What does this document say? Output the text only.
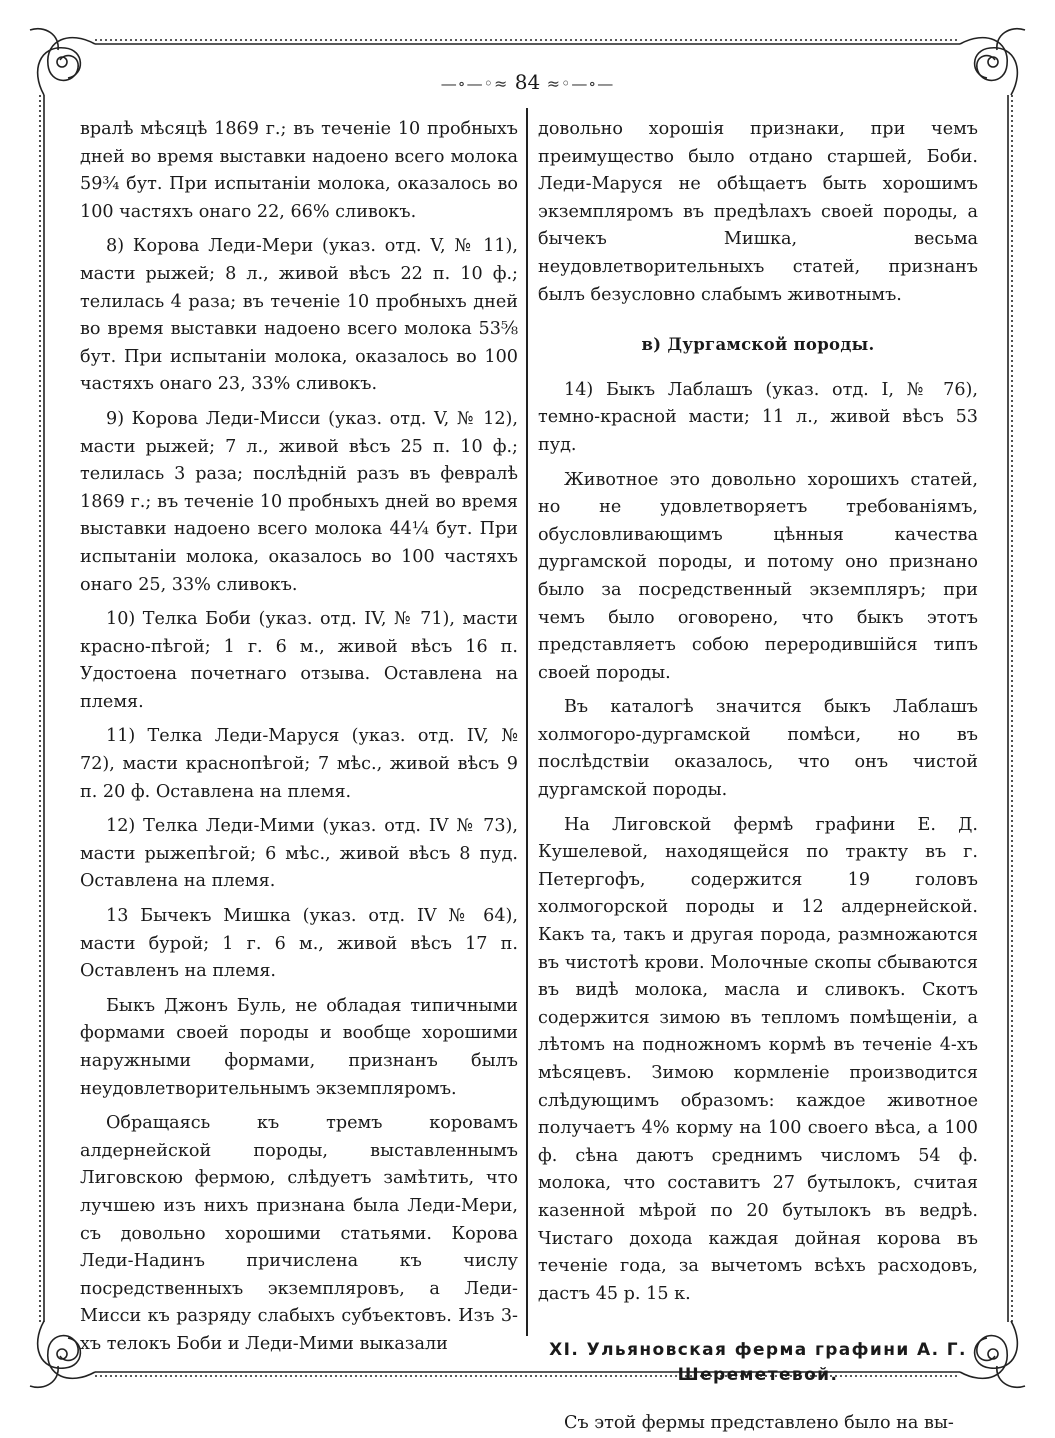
—∘—◦≈ 84 ≈◦—∘—

вралѣ мѣсяцѣ 1869 г.; въ теченіе 10 пробныхъ дней во время выставки надоено всего молока 59¾ бут. При испытаніи молока, оказалось во 100 частяхъ онаго 22, 66% сливокъ.

8) Корова Леди-Мери (указ. отд. V, № 11), масти рыжей; 8 л., живой вѣсъ 22 п. 10 ф.; телилась 4 раза; въ теченіе 10 пробныхъ дней во время выставки надоено всего молока 53⅝ бут. При испытаніи молока, оказалось во 100 частяхъ онаго 23, 33% сливокъ.

9) Корова Леди-Мисси (указ. отд. V, № 12), масти рыжей; 7 л., живой вѣсъ 25 п. 10 ф.; телилась 3 раза; послѣдній разъ въ февралѣ 1869 г.; въ теченіе 10 пробныхъ дней во время выставки надоено всего молока 44¼ бут. При испытаніи молока, оказалось во 100 частяхъ онаго 25, 33% сливокъ.

10) Телка Боби (указ. отд. IV, № 71), масти красно-пѣгой; 1 г. 6 м., живой вѣсъ 16 п. Удостоена почетнаго отзыва. Оставлена на племя.

11) Телка Леди-Маруся (указ. отд. IV, № 72), масти краснопѣгой; 7 мѣс., живой вѣсъ 9 п. 20 ф. Оставлена на племя.

12) Телка Леди-Мими (указ. отд. IV № 73), масти рыжепѣгой; 6 мѣс., живой вѣсъ 8 пуд. Оставлена на племя.

13 Бычекъ Мишка (указ. отд. IV № 64), масти бурой; 1 г. 6 м., живой вѣсъ 17 п. Оставленъ на племя.

Быкъ Джонъ Буль, не обладая типичными формами своей породы и вообще хорошими наружными формами, признанъ былъ неудовлетворительнымъ экземпляромъ.

Обращаясь къ тремъ коровамъ алдернейской породы, выставленнымъ Лиговскою фермою, слѣдуетъ замѣтить, что лучшею изъ нихъ признана была Леди-Мери, съ довольно хорошими статьями. Корова Леди-Надинъ причислена къ числу посредственныхъ экземпляровъ, а Леди-Мисси къ разряду слабыхъ субъектовъ. Изъ 3-хъ телокъ Боби и Леди-Мими выказали

довольно хорошія признаки, при чемъ преимущество было отдано старшей, Боби. Леди-Маруся не обѣщаетъ быть хорошимъ экземпляромъ въ предѣлахъ своей породы, а бычекъ Мишка, весьма неудовлетворительныхъ статей, признанъ былъ безусловно слабымъ животнымъ.

в) Дургамской породы.

14) Быкъ Лаблашъ (указ. отд. I, № 76), темно-красной масти; 11 л., живой вѣсъ 53 пуд.

Животное это довольно хорошихъ статей, но не удовлетворяетъ требованіямъ, обусловливающимъ цѣнныя качества дургамской породы, и потому оно признано было за посредственный экземпляръ; при чемъ было оговорено, что быкъ этотъ представляетъ собою переродившійся типъ своей породы.

Въ каталогѣ значится быкъ Лаблашъ холмогоро-дургамской помѣси, но въ послѣдствіи оказалось, что онъ чистой дургамской породы.

На Лиговской фермѣ графини Е. Д. Кушелевой, находящейся по тракту въ г. Петергофъ, содержится 19 головъ холмогорской породы и 12 алдернейской. Какъ та, такъ и другая порода, размножаются въ чистотѣ крови. Молочные скопы сбываются въ видѣ молока, масла и сливокъ. Скотъ содержится зимою въ тепломъ помѣщеніи, а лѣтомъ на подножномъ кормѣ въ теченіе 4-хъ мѣсяцевъ. Зимою кормленіе производится слѣдующимъ образомъ: каждое животное получаетъ 4% корму на 100 своего вѣса, а 100 ф. сѣна даютъ среднимъ числомъ 54 ф. молока, что составитъ 27 бутылокъ, считая казенной мѣрой по 20 бутылокъ въ ведрѣ. Чистаго дохода каждая дойная корова въ теченіе года, за вычетомъ всѣхъ расходовъ, дастъ 45 р. 15 к.

XI. Ульяновская ферма графини А. Г. Шереметевой.

Съ этой фермы представлено было на вы-
